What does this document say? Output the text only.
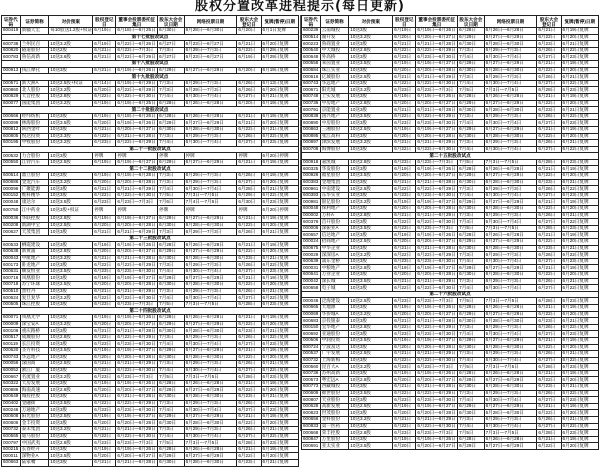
股权分置改革进程提示(每日更新)
证券代码	证券简称	对价预案	股权登记日	董事会投票委托征集日	股东大会会议日期	网络投票日期	股东大会登记日	复牌(暂停)日期
600419	新疆天宏	每10股送1.2股+权证	6月19日	6月18日—6月25日	6月30日	6月28日—6月30日	6月20日	6月1日复牌
第十七批股改试点								
600738	兰州民百	10送3.2股	6月19日	6月22日—6月26日	6月27日	6月23日—6月27日	6月21日	6月20日复牌
600820	隧道股份	10送2股	6月21日	6月22日—7月3日	7月3日	6月29日—7月3日	6月22日	6月29日复牌
600783	鲁信高新	10送3.6股	6月21日	6月22日—6月29日	6月27日	6月23日—6月27日	6月19日	6月29日复牌
第十八批股改试点								
000913	钱江摩托	10送3股	6月21日	6月19日—6月26日	6月29日	6月27日—6月29日	6月20日	6月19日复牌
第十九批股改试点								
000571	新大洲A	10送2.5股+权证	6月14日	6月19日—6月29日	7月3日	6月29日—7月3日	6月26日	6月13日复牌
600860	北人股份	10送3.2股	6月20日	6月22日—6月29日	7月3日	6月29日—7月3日	6月26日	6月20日复牌
000829	天音控股	10送2.8股	6月22日	6月22日—6月30日	7月4日	6月30日—7月4日	6月27日	6月21日复牌
600077	国能集团	10送3.2股	6月19日	6月19日—6月25日	6月28日	6月26日—6月28日	6月20日	6月19日复牌
第二十批股改试点								
000666	经纬纺机	10送3股	6月19日	6月18日—6月26日	6月28日	6月26日—6月28日	6月21日	6月19日复牌
600099	林海股份	10送3.5股	6月20日	6月19日—6月26日	6月29日	6月27日—6月29日	6月21日	6月20日复牌
000812	陕西金叶	10送3股	6月21日	6月20日—6月27日	6月30日	6月28日—6月30日	6月22日	6月21日复牌
600805	悦达投资	10送3.3股	6月22日	6月21日—6月28日	7月3日	6月29日—7月3日	6月26日	6月22日复牌
600195	中牧股份	10送3.2股	6月23日	6月22日—6月29日	7月4日	6月30日—7月4日	6月27日	6月23日复牌
第二十一批股改试点								
000532	力合股份	10送3股	停牌	停牌	停牌	停牌	停牌	6月20日停牌
000550	江铃汽车	10送2.5股	6月19日	6月19日—6月27日	6月29日	6月27日—6月29日	6月21日	6月19日复牌
第二十二批股改试点								
600614	鼎立股份	10送3股	6月19日	6月19日—6月28日	7月3日	6月29日—7月3日	6月26日	6月19日复牌
600686	金龙汽车	10送3.2股	6月20日	6月20日—6月28日	7月3日	6月29日—7月3日	6月27日	6月20日复牌
000096	广聚能源	10送3股	6月21日	6月21日—6月29日	7月4日	6月30日—7月4日	6月28日	6月21日复牌
600152	维科精华	10送3股	6月22日	6月22日—6月30日	7月5日	7月3日—7月5日	6月29日	6月22日复牌
000048	康达尔	10送3.5股	6月23日	6月23日—7月3日	7月6日	7月4日—7月6日	6月30日	6月23日复牌
600750	江中药业	10送3股+权证	停牌	停牌	停牌	停牌	停牌	6月20日停牌
000036	华联控股	10送2.8股	6月19日	6月19日—6月27日	6月29日	6月27日—6月29日	6月21日	6月19日复牌
600208	新湖中宝	10送2.5股	6月20日	6月20日—6月28日	6月30日	6月28日—6月30日	6月22日	6月20日复牌
000627	天茂集团	10送3股	6月21日	6月21日—6月29日	7月3日	6月29日—7月3日	6月26日	6月21日复牌
第二十三批股改试点								
600533	栖霞建设	10送3股	6月19日	6月19日—6月26日	6月28日	6月26日—6月28日	6月21日	6月19日复牌
600638	新黄浦	10送2.8股	6月20日	6月20日—6月27日	6月29日	6月27日—6月29日	6月22日	6月20日复牌
000043	中航地产	10送3.2股	6月21日	6月21日—6月28日	6月30日	6月28日—6月30日	6月23日	6月21日复牌
600173	卧龙地产	10送3股	6月22日	6月22日—6月29日	7月3日	6月29日—7月3日	6月26日	6月22日复牌
000631	顺发恒业	10送3.5股	6月23日	6月23日—6月30日	7月4日	6月30日—7月4日	6月27日	6月23日复牌
600716	凤凰股份	10送3股	6月19日	6月19日—6月27日	6月29日	6月27日—6月29日	6月21日	6月19日复牌
000718	苏宁环球	10送2.5股	6月20日	6月20日—6月28日	6月30日	6月28日—6月30日	6月22日	6月20日复牌
600510	黑牡丹	10送3股	6月21日	6月21日—6月29日	7月3日	6月29日—7月3日	6月26日	6月21日复牌
600624	复旦复华	10送3.2股	6月22日	6月22日—6月30日	7月4日	6月30日—7月4日	6月27日	6月22日复牌
000505	珠江控股	10送3股	6月23日	6月23日—7月3日	7月5日	7月3日—7月5日	6月28日	6月23日复牌
第二十四批股改试点								
600071	凤凰光学	10送3股	6月19日	6月19日—6月26日	6月28日	6月26日—6月28日	6月21日	6月19日复牌
000009	深宝安A	10送3.2股	6月20日	6月20日—6月27日	6月29日	6月27日—6月29日	6月22日	6月20日复牌
600106	重庆路桥	10送3股	6月21日	6月21日—6月28日	6月30日	6月28日—6月30日	6月23日	6月21日复牌
000517	成城股份	10送2.8股	6月22日	6月22日—6月29日	7月3日	6月29日—7月3日	6月26日	6月22日复牌
600119	长江投资	10送3股	6月23日	6月23日—6月30日	7月4日	6月30日—7月4日	6月27日	6月23日复牌
000620	圣方科技	10送3.5股	6月19日	6月19日—6月27日	6月29日	6月27日—6月29日	6月21日	6月19日复牌
600743	华远地产	10送3股	6月20日	6月20日—6月28日	6月30日	6月28日—6月30日	6月22日	6月20日复牌
000056	深国商	10送2.5股	6月21日	6月21日—6月29日	7月3日	6月29日—7月3日	6月26日	6月21日复牌
600052	浙江广厦	10送3股	6月22日	6月22日—6月30日	7月4日	6月30日—7月4日	6月27日	6月22日复牌
000667	名流置业	10送3.2股	6月23日	6月23日—7月3日	7月5日	7月3日—7月5日	6月28日	6月23日复牌
600322	天房发展	10送3股	6月19日	6月19日—6月26日	6月28日	6月26日—6月28日	6月21日	6月19日复牌
000886	海南高速	10送2.8股	6月20日	6月20日—6月27日	6月29日	6月27日—6月29日	6月22日	6月20日复牌
600649	城投控股	10送3股	6月21日	6月21日—6月28日	6月30日	6月28日—6月30日	6月23日	6月21日复牌
000402	金融街	10送3.5股	6月22日	6月22日—6月29日	7月3日	6月29日—7月3日	6月26日	6月22日复牌
600246	万通地产	10送3股	6月23日	6月23日—6月30日	7月4日	6月30日—7月4日	6月27日	6月23日复牌
000608	阳光股份	10送2.5股	6月19日	6月19日—6月27日	6月29日	6月27日—6月29日	6月21日	6月19日复牌
600606	金丰投资	10送3股	6月20日	6月20日—6月28日	6月30日	6月28日—6月30日	6月22日	6月20日复牌
000732	泰禾集团	10送3.2股	6月21日	6月21日—6月29日	7月3日	6月29日—7月3日	6月26日	6月21日复牌
600565	迪马股份	10送3股	6月22日	6月22日—6月30日	7月4日	6月30日—7月4日	6月27日	6月22日复牌
000797	中国武夷	10送2.8股	6月23日	6月23日—7月3日	7月5日	7月3日—7月5日	6月28日	6月23日复牌
600215	长春经开	10送3股	6月19日	6月19日—6月26日	6月28日	6月26日—6月28日	6月21日	6月19日复牌
000011	深物业A	10送3.5股	6月20日	6月20日—6月27日	6月29日	6月27日—6月29日	6月22日	6月20日复牌
600663	陆家嘴	10送3股	6月21日	6月21日—6月28日	6月30日	6月28日—6月30日	6月23日	6月21日复牌
证券代码	证券简称	对价预案	股权登记日	董事会投票委托征集日	股东大会会议日期	网络投票日期	股东大会登记日	复牌(暂停)日期
600239	云南城投	10送3股	6月19日	6月19日—6月26日	6月28日	6月26日—6月28日	6月21日	6月19日复牌
000514	渝开发	10送3.2股	6月20日	6月20日—6月27日	6月29日	6月27日—6月29日	6月22日	6月20日复牌
600223	鲁商置业	10送3股	6月21日	6月21日—6月28日	6月30日	6月28日—6月30日	6月23日	6月21日复牌
000540	中天城投	10送2.8股	6月22日	6月22日—6月29日	7月3日	6月29日—7月3日	6月26日	6月22日复牌
600648	外高桥	10送3股	6月23日	6月23日—6月30日	7月4日	6月30日—7月4日	6月27日	6月23日复牌
000558	莱茵置业	10送3.5股	6月19日	6月19日—6月27日	6月29日	6月27日—6月29日	6月21日	6月19日复牌
600684	珠江实业	10送3股	6月20日	6月20日—6月28日	6月30日	6月28日—6月30日	6月22日	6月20日复牌
000616	亿城股份	10送2.5股	6月21日	6月21日—6月29日	7月3日	6月29日—7月3日	6月26日	6月21日复牌
600743	华远地产	10送3股	6月22日	6月22日—6月30日	7月4日	6月30日—7月4日	6月27日	6月22日复牌
000671	阳光城	10送3.2股	6月23日	6月23日—7月3日	7月5日	7月3日—7月5日	6月28日	6月23日复牌
600748	上实发展	10送3股	6月19日	6月19日—6月26日	6月28日	6月26日—6月28日	6月21日	6月19日复牌
000736	中房地产	10送2.8股	6月20日	6月20日—6月27日	6月29日	6月27日—6月29日	6月22日	6月20日复牌
600791	京能置业	10送3股	6月21日	6月21日—6月28日	6月30日	6月28日—6月30日	6月23日	6月21日复牌
000838	国兴地产	10送3.5股	6月22日	6月22日—6月29日	7月3日	6月29日—7月3日	6月26日	6月22日复牌
600890	中房股份	10送3股	6月23日	6月23日—6月30日	7月4日	6月30日—7月4日	6月27日	6月23日复牌
000863	三湘股份	10送2.5股	6月19日	6月19日—6月27日	6月29日	6月27日—6月29日	6月21日	6月19日复牌
600895	张江高科	10送3股	6月20日	6月20日—6月28日	6月30日	6月28日—6月30日	6月22日	6月20日复牌
000897	津滨发展	10送3.2股	6月21日	6月21日—6月29日	7月3日	6月29日—7月3日	6月26日	6月21日复牌
600708	海博股份	10送3股	6月22日	6月22日—6月30日	7月4日	6月30日—7月4日	6月27日	6月22日复牌
第二十五批股改试点								
000918	嘉凯城	10送2.8股	6月23日	6月23日—7月3日	7月5日	7月3日—7月5日	6月28日	6月23日复牌
600325	华发股份	10送3股	6月19日	6月19日—6月26日	6月28日	6月26日—6月28日	6月21日	6月19日复牌
000926	福星股份	10送3.5股	6月20日	6月20日—6月27日	6月29日	6月27日—6月29日	6月22日	6月20日复牌
600383	金地集团	10送3股	6月21日	6月21日—6月28日	6月30日	6月28日—6月30日	6月23日	6月21日复牌
000961	中南建设	10送2.5股	6月22日	6月22日—6月29日	7月3日	6月29日—7月3日	6月26日	6月22日复牌
600393	东华实业	10送3股	6月23日	6月23日—6月30日	7月4日	6月30日—7月4日	6月27日	6月23日复牌
000981	银亿股份	10送3.2股	6月19日	6月19日—6月27日	6月29日	6月27日—6月29日	6月21日	6月19日复牌
600048	保利地产	10送3股	6月20日	6月20日—6月28日	6月30日	6月28日—6月30日	6月22日	6月20日复牌
000002	万科A	10送2.8股	6月21日	6月21日—6月29日	7月3日	6月29日—7月3日	6月26日	6月21日复牌
600376	首开股份	10送3股	6月22日	6月22日—6月30日	7月4日	6月30日—7月4日	6月27日	6月22日复牌
000006	深振业A	10送3.5股	6月23日	6月23日—7月3日	7月5日	7月3日—7月5日	6月28日	6月23日复牌
600657	信达地产	10送3股	6月19日	6月19日—6月26日	6月28日	6月26日—6月28日	6月21日	6月19日复牌
000024	招商地产	10送2.5股	6月20日	6月20日—6月27日	6月29日	6月27日—6月29日	6月22日	6月20日复牌
600675	中华企业	10送3股	6月21日	6月21日—6月28日	6月30日	6月28日—6月30日	6月23日	6月21日复牌
000029	深深房A	10送3.2股	6月22日	6月22日—6月29日	7月3日	6月29日—7月3日	6月26日	6月22日复牌
600639	浦东金桥	10送3股	6月23日	6月23日—6月30日	7月4日	6月30日—7月4日	6月27日	6月23日复牌
000031	中粮地产	10送2.8股	6月19日	6月19日—6月27日	6月29日	6月27日—6月29日	6月21日	6月19日复牌
600641	万业企业	10送3股	6月20日	6月20日—6月28日	6月30日	6月28日—6月30日	6月22日	6月20日复牌
000042	深长城	10送3.5股	6月21日	6月21日—6月29日	7月3日	6月29日—7月3日	6月26日	6月21日复牌
600658	电子城	10送3股	6月22日	6月22日—6月30日	7月4日	6月30日—7月4日	6月27日	6月22日复牌
第二十六批股改试点								
000046	泛海建设	10送2.5股	6月23日	6月23日—7月3日	7月5日	7月3日—7月5日	6月28日	6月23日复牌
600665	天地源	10送3股	6月19日	6月19日—6月26日	6月28日	6月26日—6月28日	6月21日	6月19日复牌
000069	华侨城A	10送3.2股	6月20日	6月20日—6月27日	6月29日	6月27日—6月29日	6月22日	6月20日复牌
600683	京投银泰	10送3股	6月21日	6月21日—6月28日	6月30日	6月28日—6月30日	6月23日	6月21日复牌
000150	宜华地产	10送2.8股	6月22日	6月22日—6月29日	7月3日	6月29日—7月3日	6月26日	6月22日复牌
600692	亚通股份	10送3股	6月23日	6月23日—6月30日	7月4日	6月30日—7月4日	6月27日	6月23日复牌
000506	中润投资	10送3.5股	6月19日	6月19日—6月27日	6月29日	6月27日—6月29日	6月21日	6月19日复牌
600724	宁波富达	10送3股	6月20日	6月20日—6月28日	6月30日	6月28日—6月30日	6月22日	6月20日复牌
000537	广宇发展	10送2.5股	6月21日	6月21日—6月29日	7月3日	6月29日—7月3日	6月26日	6月21日复牌
600732	上海新梅	10送3股	6月22日	6月22日—6月30日	7月4日	6月30日—7月4日	6月27日	6月22日复牌
000560	昆百大A	10送3.2股	6月23日	6月23日—7月3日	7月5日	7月3日—7月5日	6月28日	6月23日复牌
600736	苏州高新	10送3股	6月19日	6月19日—6月26日	6月28日	6月26日—6月28日	6月21日	6月19日复牌
000573	粤宏远A	10送2.8股	6月20日	6月20日—6月27日	6月29日	6月27日—6月29日	6月22日	6月20日复牌
600773	西藏城投	10送3股	6月21日	6月21日—6月28日	6月30日	6月28日—6月30日	6月23日	6月21日复牌
000609	绵世股份	10送3.5股	6月22日	6月22日—6月29日	7月3日	6月29日—7月3日	6月26日	6月22日复牌
600807	天业股份	10送3股	6月23日	6月23日—6月30日	7月4日	6月30日—7月4日	6月27日	6月23日复牌
000628	高新发展	10送2.5股	6月19日	6月19日—6月27日	6月29日	6月27日—6月29日	6月21日	6月19日复牌
600823	世茂股份	10送3股	6月20日	6月20日—6月28日	6月30日	6月28日—6月30日	6月22日	6月20日复牌
000656	金科股份	10送3.2股	6月21日	6月21日—6月29日	7月3日	6月29日—7月3日	6月26日	6月21日复牌
600833	第一医药	10送3股	6月22日	6月22日—6月30日	7月4日	6月30日—7月4日	6月27日	6月22日复牌
000668	荣丰控股	10送2.8股	6月23日	6月23日—7月3日	7月5日	7月3日—7月5日	6月28日	6月23日复牌
600847	万里股份	10送3股	6月19日	6月19日—6月26日	6月28日	6月26日—6月28日	6月21日	6月19日复牌
000691	亚太实业	10送3.5股	6月20日	6月20日—6月27日	6月29日	6月27日—6月29日	6月22日	6月20日复牌
